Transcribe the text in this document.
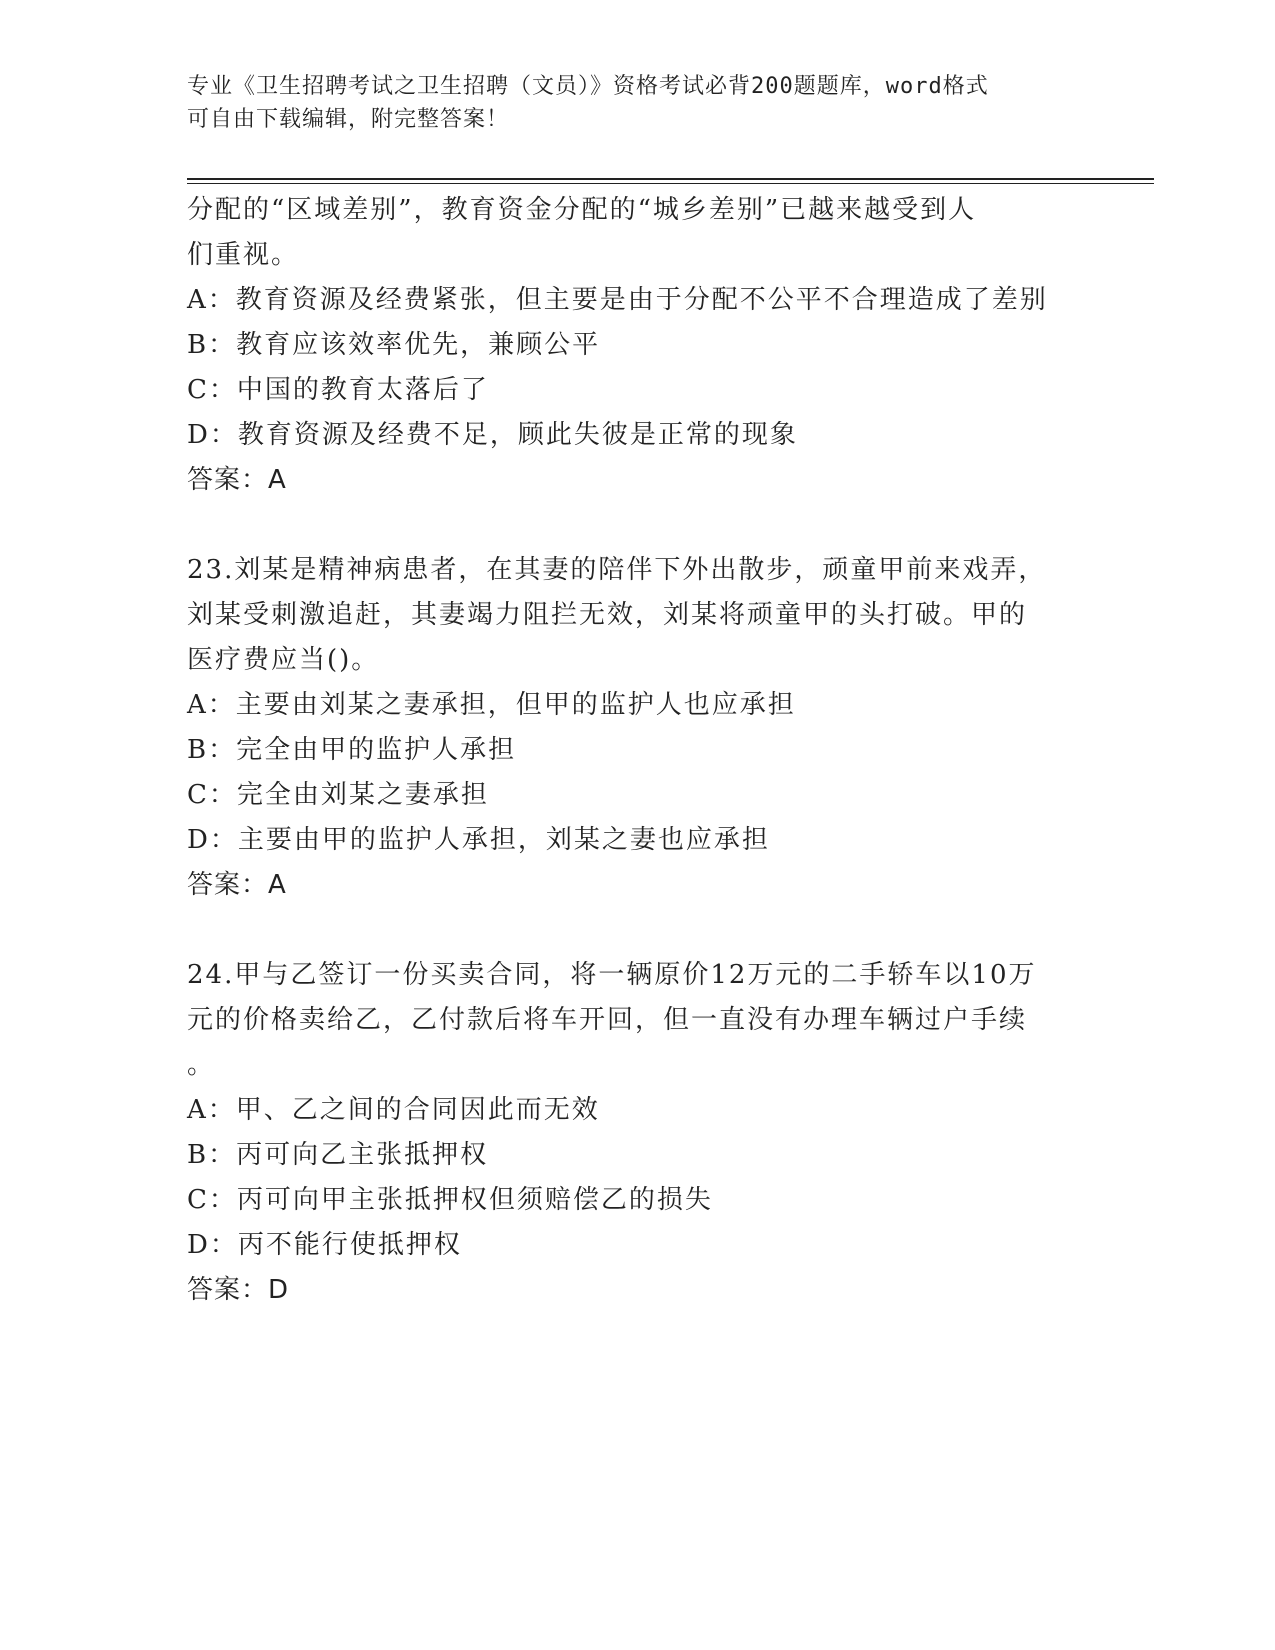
专业《卫生招聘考试之卫生招聘（文员）》资格考试必背200题题库，word格式
可自由下载编辑，附完整答案！
分配的“区域差别”，教育资金分配的“城乡差别”已越来越受到人
们重视。
A：教育资源及经费紧张，但主要是由于分配不公平不合理造成了差别
B：教育应该效率优先，兼顾公平
C：中国的教育太落后了
D：教育资源及经费不足，顾此失彼是正常的现象
答案：A
23.刘某是精神病患者，在其妻的陪伴下外出散步，顽童甲前来戏弄，
刘某受刺激追赶，其妻竭力阻拦无效，刘某将顽童甲的头打破。甲的
医疗费应当()。
A：主要由刘某之妻承担，但甲的监护人也应承担
B：完全由甲的监护人承担
C：完全由刘某之妻承担
D：主要由甲的监护人承担，刘某之妻也应承担
答案：A
24.甲与乙签订一份买卖合同，将一辆原价12万元的二手轿车以10万
元的价格卖给乙，乙付款后将车开回，但一直没有办理车辆过户手续
。
A：甲、乙之间的合同因此而无效
B：丙可向乙主张抵押权
C：丙可向甲主张抵押权但须赔偿乙的损失
D：丙不能行使抵押权
答案：D
